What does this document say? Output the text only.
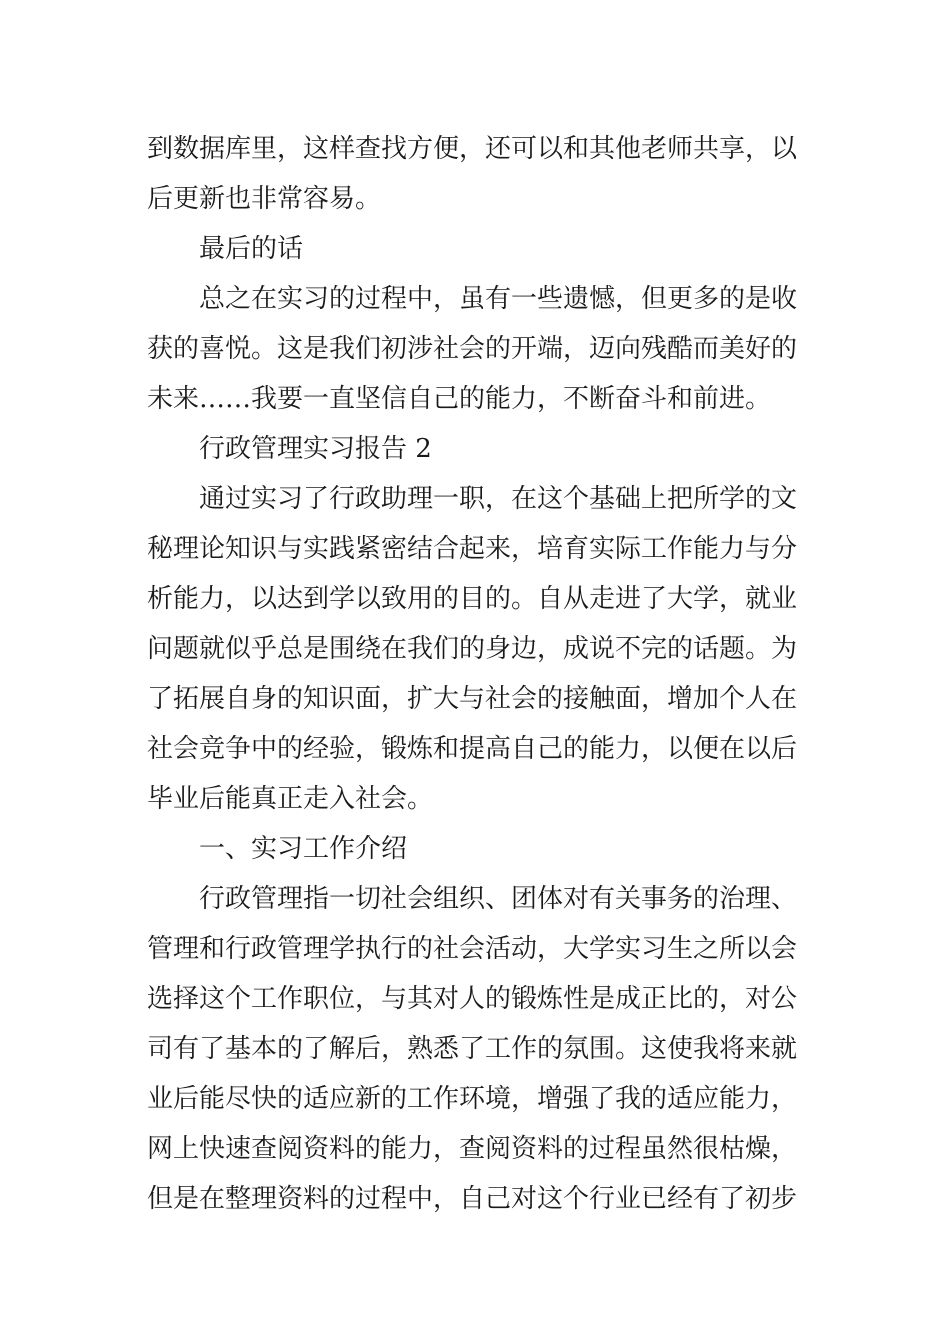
到数据库里，这样查找方便，还可以和其他老师共享，以
后更新也非常容易。
最后的话
总之在实习的过程中，虽有一些遗憾，但更多的是收
获的喜悦。这是我们初涉社会的开端，迈向残酷而美好的
未来……我要一直坚信自己的能力，不断奋斗和前进。
行政管理实习报告 2
通过实习了行政助理一职，在这个基础上把所学的文
秘理论知识与实践紧密结合起来，培育实际工作能力与分
析能力，以达到学以致用的目的。自从走进了大学，就业
问题就似乎总是围绕在我们的身边，成说不完的话题。为
了拓展自身的知识面，扩大与社会的接触面，增加个人在
社会竞争中的经验，锻炼和提高自己的能力，以便在以后
毕业后能真正走入社会。
一、实习工作介绍
行政管理指一切社会组织、团体对有关事务的治理、
管理和行政管理学执行的社会活动，大学实习生之所以会
选择这个工作职位，与其对人的锻炼性是成正比的，对公
司有了基本的了解后，熟悉了工作的氛围。这使我将来就
业后能尽快的适应新的工作环境，增强了我的适应能力，
网上快速查阅资料的能力，查阅资料的过程虽然很枯燥，
但是在整理资料的过程中，自己对这个行业已经有了初步
